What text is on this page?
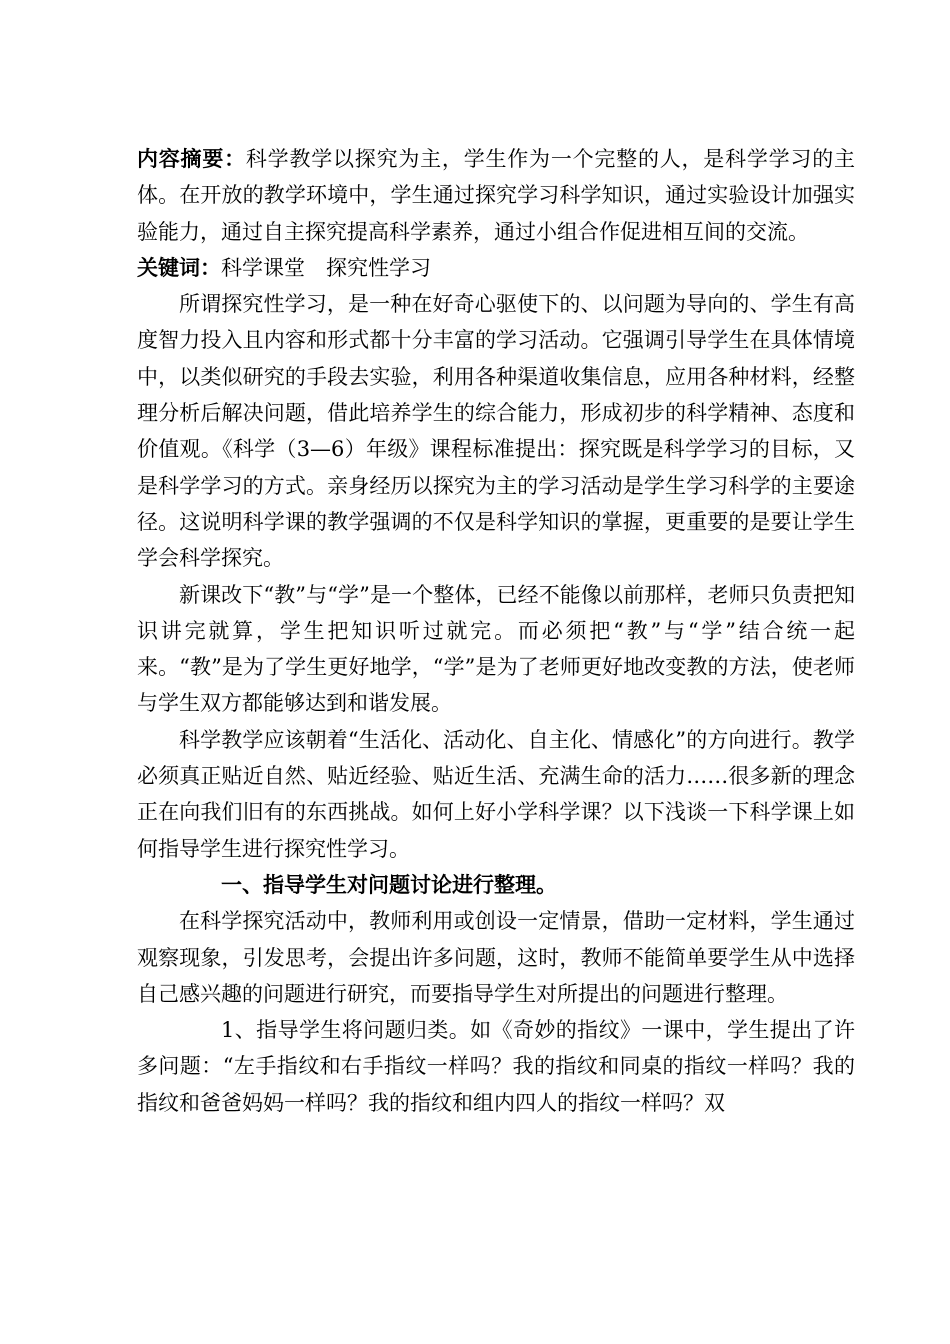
内容摘要：科学教学以探究为主，学生作为一个完整的人，是科学学习的主体。在开放的教学环境中，学生通过探究学习科学知识，通过实验设计加强实验能力，通过自主探究提高科学素养，通过小组合作促进相互间的交流。

关键词：科学课堂 探究性学习

所谓探究性学习，是一种在好奇心驱使下的、以问题为导向的、学生有高度智力投入且内容和形式都十分丰富的学习活动。它强调引导学生在具体情境中，以类似研究的手段去实验，利用各种渠道收集信息，应用各种材料，经整理分析后解决问题，借此培养学生的综合能力，形成初步的科学精神、态度和价值观。《科学（3—6）年级》课程标准提出：探究既是科学学习的目标，又是科学学习的方式。亲身经历以探究为主的学习活动是学生学习科学的主要途径。这说明科学课的教学强调的不仅是科学知识的掌握，更重要的是要让学生学会科学探究。

新课改下“教”与“学”是一个整体，已经不能像以前那样，老师只负责把知识讲完就算，学生把知识听过就完。而必须把“教”与“学”结合统一起来。“教”是为了学生更好地学，“学”是为了老师更好地改变教的方法，使老师与学生双方都能够达到和谐发展。

科学教学应该朝着“生活化、活动化、自主化、情感化”的方向进行。教学必须真正贴近自然、贴近经验、贴近生活、充满生命的活力……很多新的理念正在向我们旧有的东西挑战。如何上好小学科学课？以下浅谈一下科学课上如何指导学生进行探究性学习。

一、指导学生对问题讨论进行整理。

在科学探究活动中，教师利用或创设一定情景，借助一定材料，学生通过观察现象，引发思考，会提出许多问题，这时，教师不能简单要学生从中选择自己感兴趣的问题进行研究，而要指导学生对所提出的问题进行整理。

1、指导学生将问题归类。如《奇妙的指纹》一课中，学生提出了许多问题：“左手指纹和右手指纹一样吗？我的指纹和同桌的指纹一样吗？我的指纹和爸爸妈妈一样吗？我的指纹和组内四人的指纹一样吗？双
